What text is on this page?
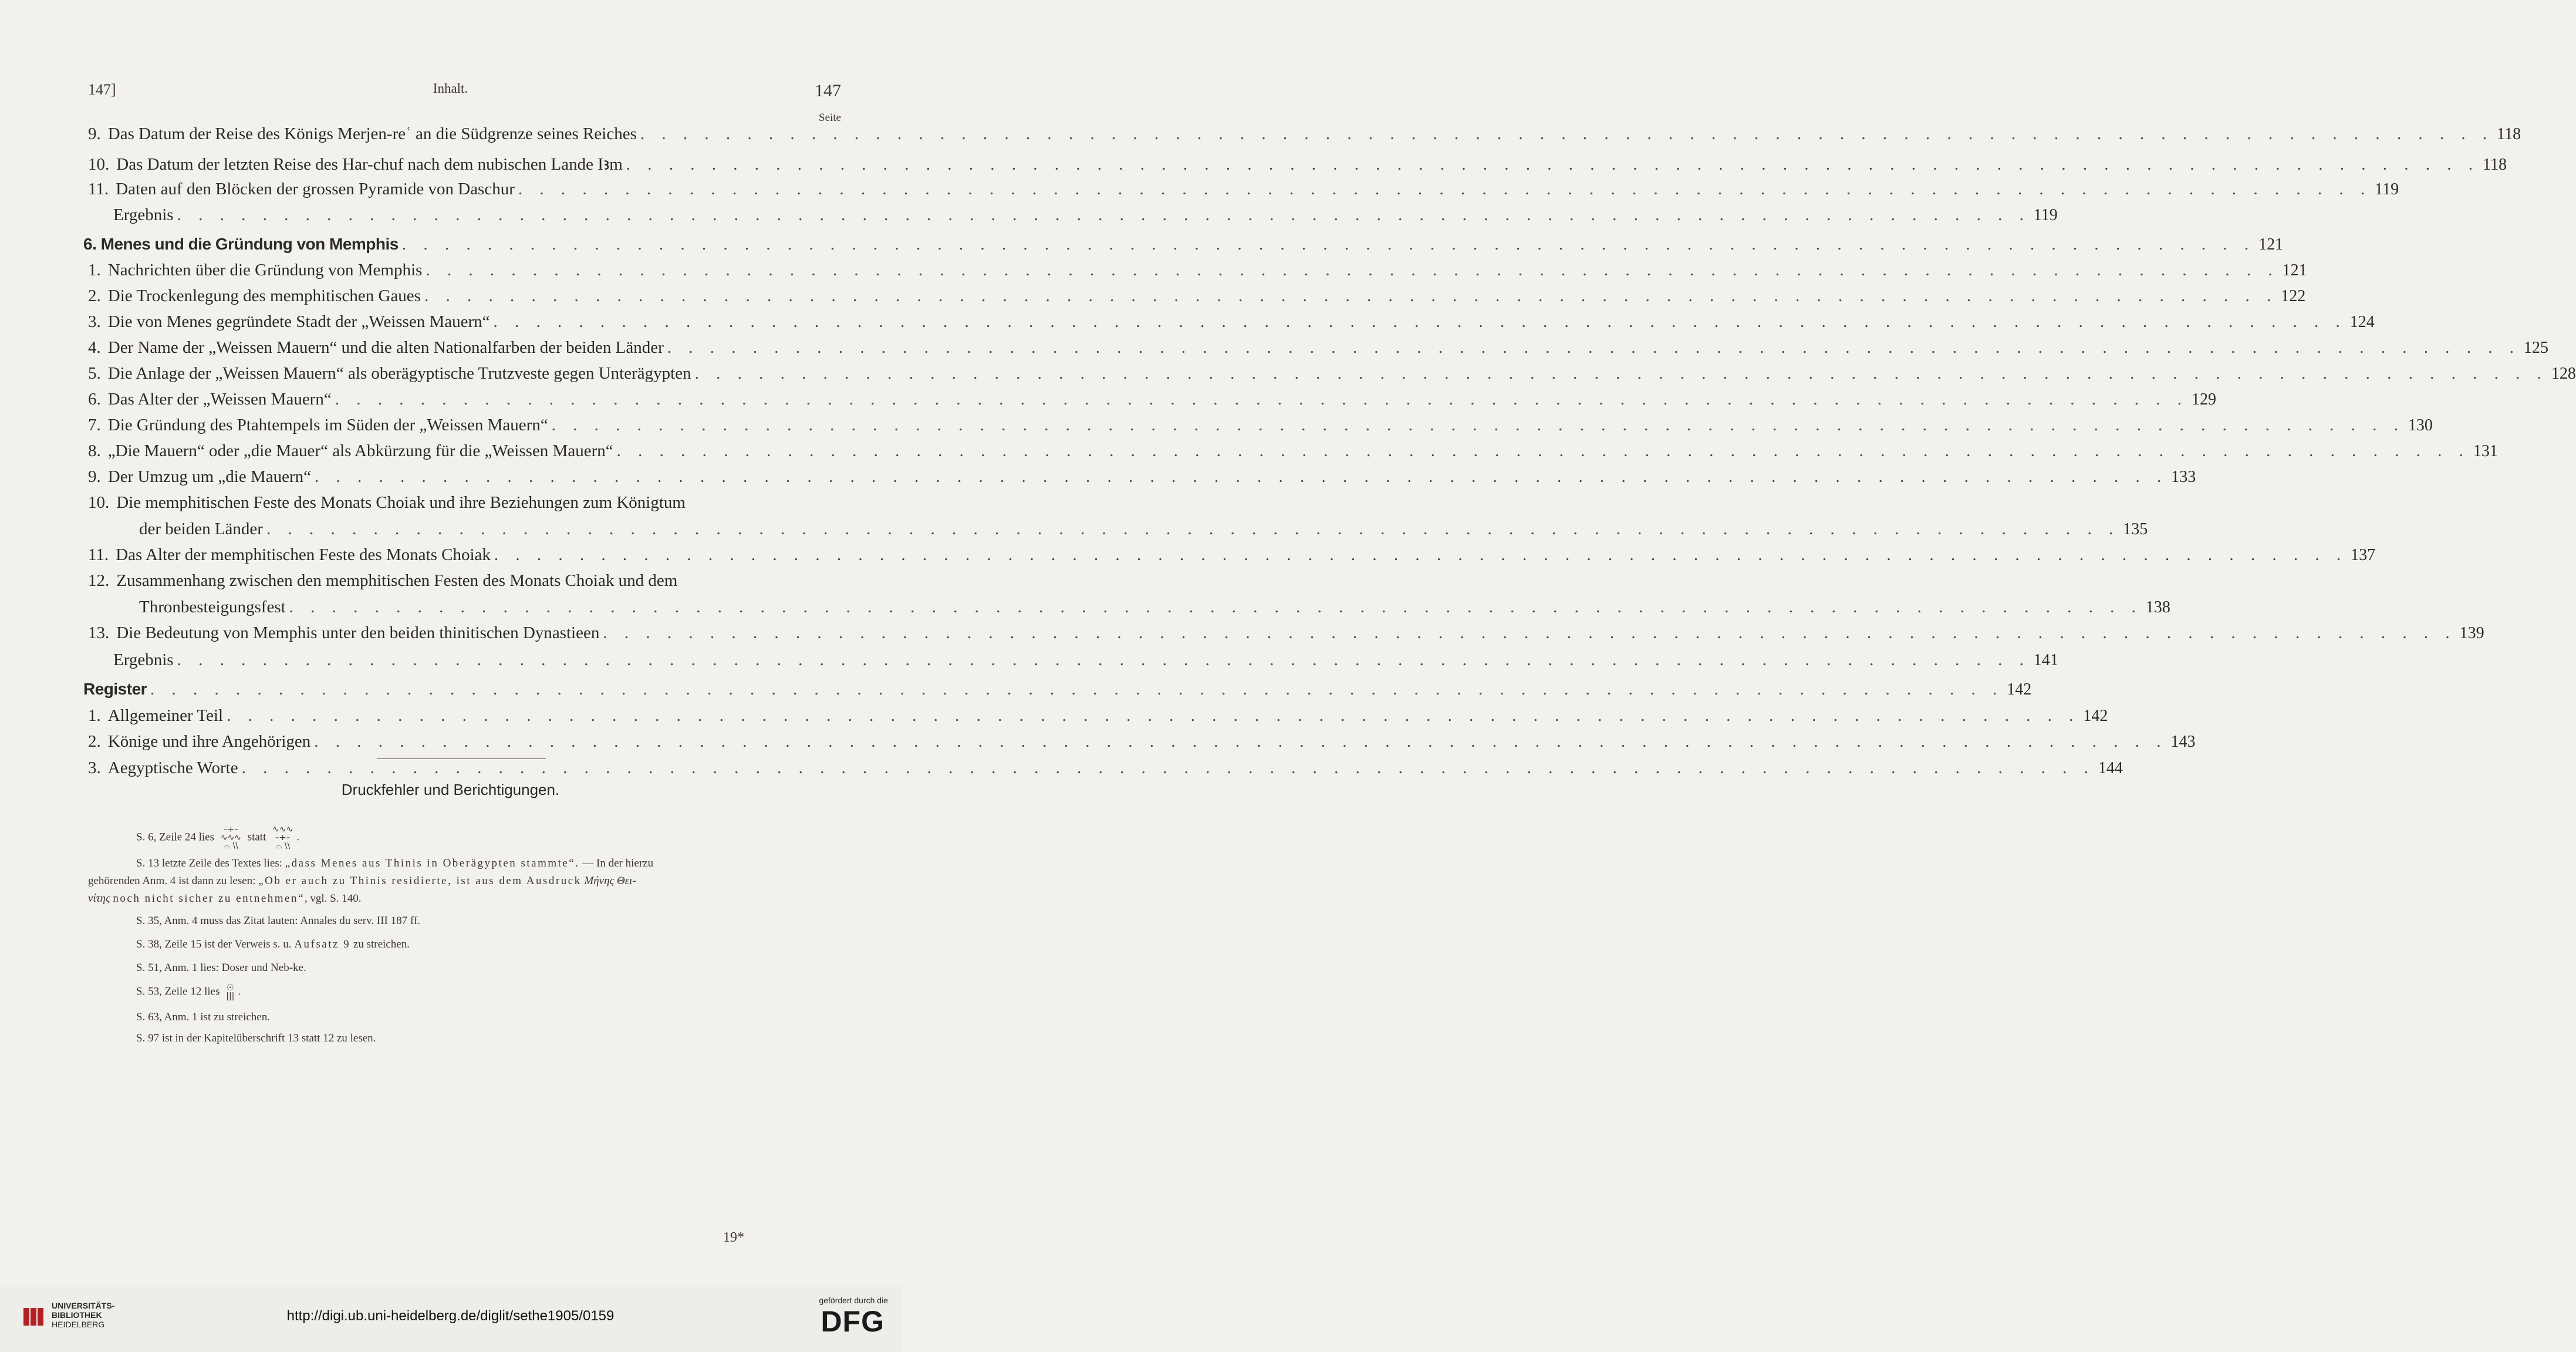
147]	Inhalt.	147
Seite
9. Das Datum der Reise des Königs Merjen-reʿ an die Südgrenze seines Reiches . . .	118
10. Das Datum der letzten Reise des Har-chuf nach dem nubischen Lande Iꜣm . . .	118
11. Daten auf den Blöcken der grossen Pyramide von Daschur . . .	119
Ergebnis . . .	119
6. Menes und die Gründung von Memphis . . .	121
1. Nachrichten über die Gründung von Memphis . . .	121
2. Die Trockenlegung des memphitischen Gaues . . .	122
3. Die von Menes gegründete Stadt der „Weissen Mauern“ . . .	124
4. Der Name der „Weissen Mauern“ und die alten Nationalfarben der beiden Länder . . .	125
5. Die Anlage der „Weissen Mauern“ als oberägyptische Trutzveste gegen Unterägypten . . .	128
6. Das Alter der „Weissen Mauern“ . . .	129
7. Die Gründung des Ptahtempels im Süden der „Weissen Mauern“ . . .	130
8. „Die Mauern“ oder „die Mauer“ als Abkürzung für die „Weissen Mauern“ . . .	131
9. Der Umzug um „die Mauern“ . . .	133
10. Die memphitischen Feste des Monats Choiak und ihre Beziehungen zum Königtum
der beiden Länder . . .	135
11. Das Alter der memphitischen Feste des Monats Choiak . . .	137
12. Zusammenhang zwischen den memphitischen Festen des Monats Choiak und dem
Thronbesteigungsfest . . .	138
13. Die Bedeutung von Memphis unter den beiden thinitischen Dynastieen . . .	139
Ergebnis . . .	141
Register . . .	142
1. Allgemeiner Teil . . .	142
2. Könige und ihre Angehörigen . . .	143
3. Aegyptische Worte . . .	144
Druckfehler und Berichtigungen.
S. 6, Zeile 24 lies –+–
∿∿∿
⌓ \\ statt ∿∿∿
–+–
⌓ \\.
S. 13 letzte Zeile des Textes lies: „dass Menes aus Thinis in Oberägypten stammte“. — In der hierzu
gehörenden Anm. 4 ist dann zu lesen: „Ob er auch zu Thinis residierte, ist aus dem Ausdruck Μήνης Θει-
νίτης noch nicht sicher zu entnehmen“, vgl. S. 140.
S. 35, Anm. 4 muss das Zitat lauten: Annales du serv. III 187 ff.
S. 38, Zeile 15 ist der Verweis s. u. Aufsatz 9 zu streichen.
S. 51, Anm. 1 lies: Doser und Neb-ke.
S. 53, Zeile 12 lies ☉
||| .
S. 63, Anm. 1 ist zu streichen.
S. 97 ist in der Kapitelüberschrift 13 statt 12 zu lesen.
19*
UNIVERSITÄTS-
BIBLIOTHEK
HEIDELBERG
http://digi.ub.uni-heidelberg.de/diglit/sethe1905/0159
gefördert durch die
DFG
